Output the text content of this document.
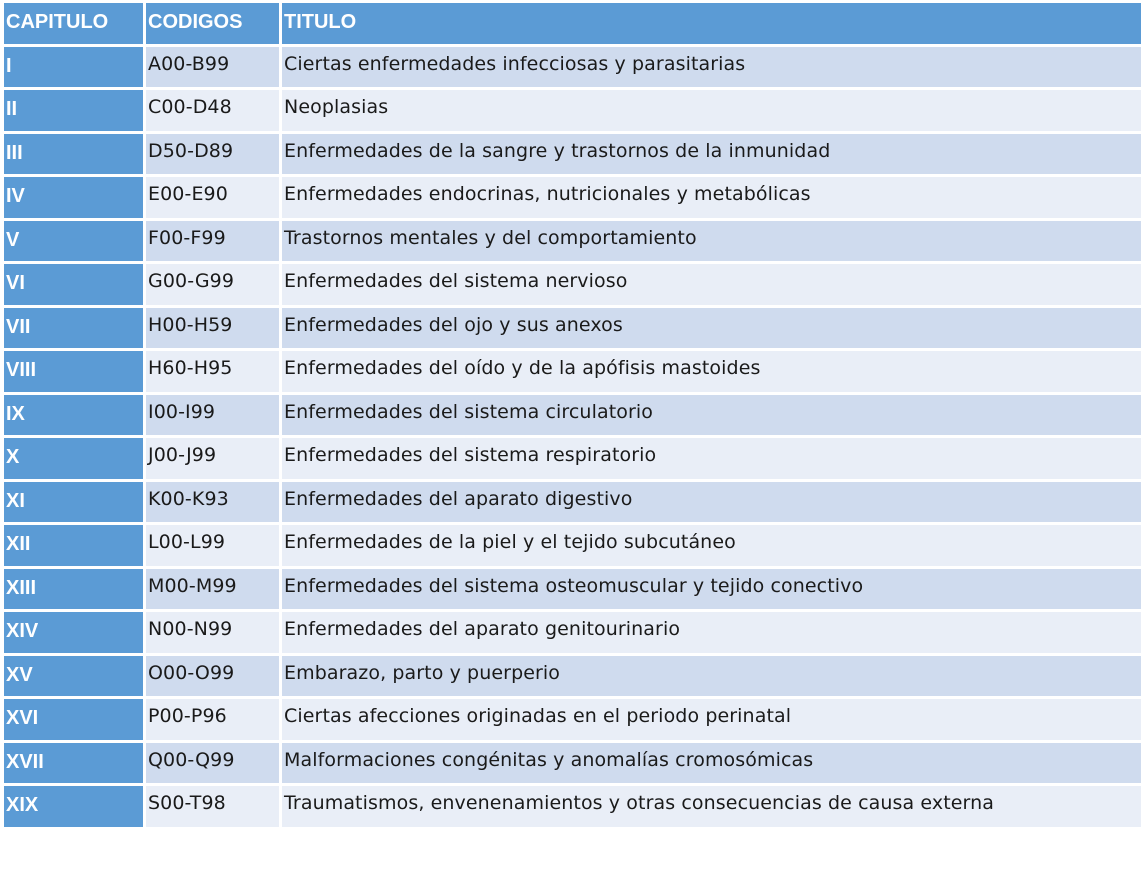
CAPITULO	CODIGOS	TITULO
I	A00-B99	Ciertas enfermedades infecciosas y parasitarias
II	C00-D48	Neoplasias
III	D50-D89	Enfermedades de la sangre y trastornos de la inmunidad
IV	E00-E90	Enfermedades endocrinas, nutricionales y metabólicas
V	F00-F99	Trastornos mentales y del comportamiento
VI	G00-G99	Enfermedades del sistema nervioso
VII	H00-H59	Enfermedades del ojo y sus anexos
VIII	H60-H95	Enfermedades del oído y de la apófisis mastoides
IX	I00-I99	Enfermedades del sistema circulatorio
X	J00-J99	Enfermedades del sistema respiratorio
XI	K00-K93	Enfermedades del aparato digestivo
XII	L00-L99	Enfermedades de la piel y el tejido subcutáneo
XIII	M00-M99	Enfermedades del sistema osteomuscular y tejido conectivo
XIV	N00-N99	Enfermedades del aparato genitourinario
XV	O00-O99	Embarazo, parto y puerperio
XVI	P00-P96	Ciertas afecciones originadas en el periodo perinatal
XVII	Q00-Q99	Malformaciones congénitas y anomalías cromosómicas
XIX	S00-T98	Traumatismos, envenenamientos y otras consecuencias de causa externa
